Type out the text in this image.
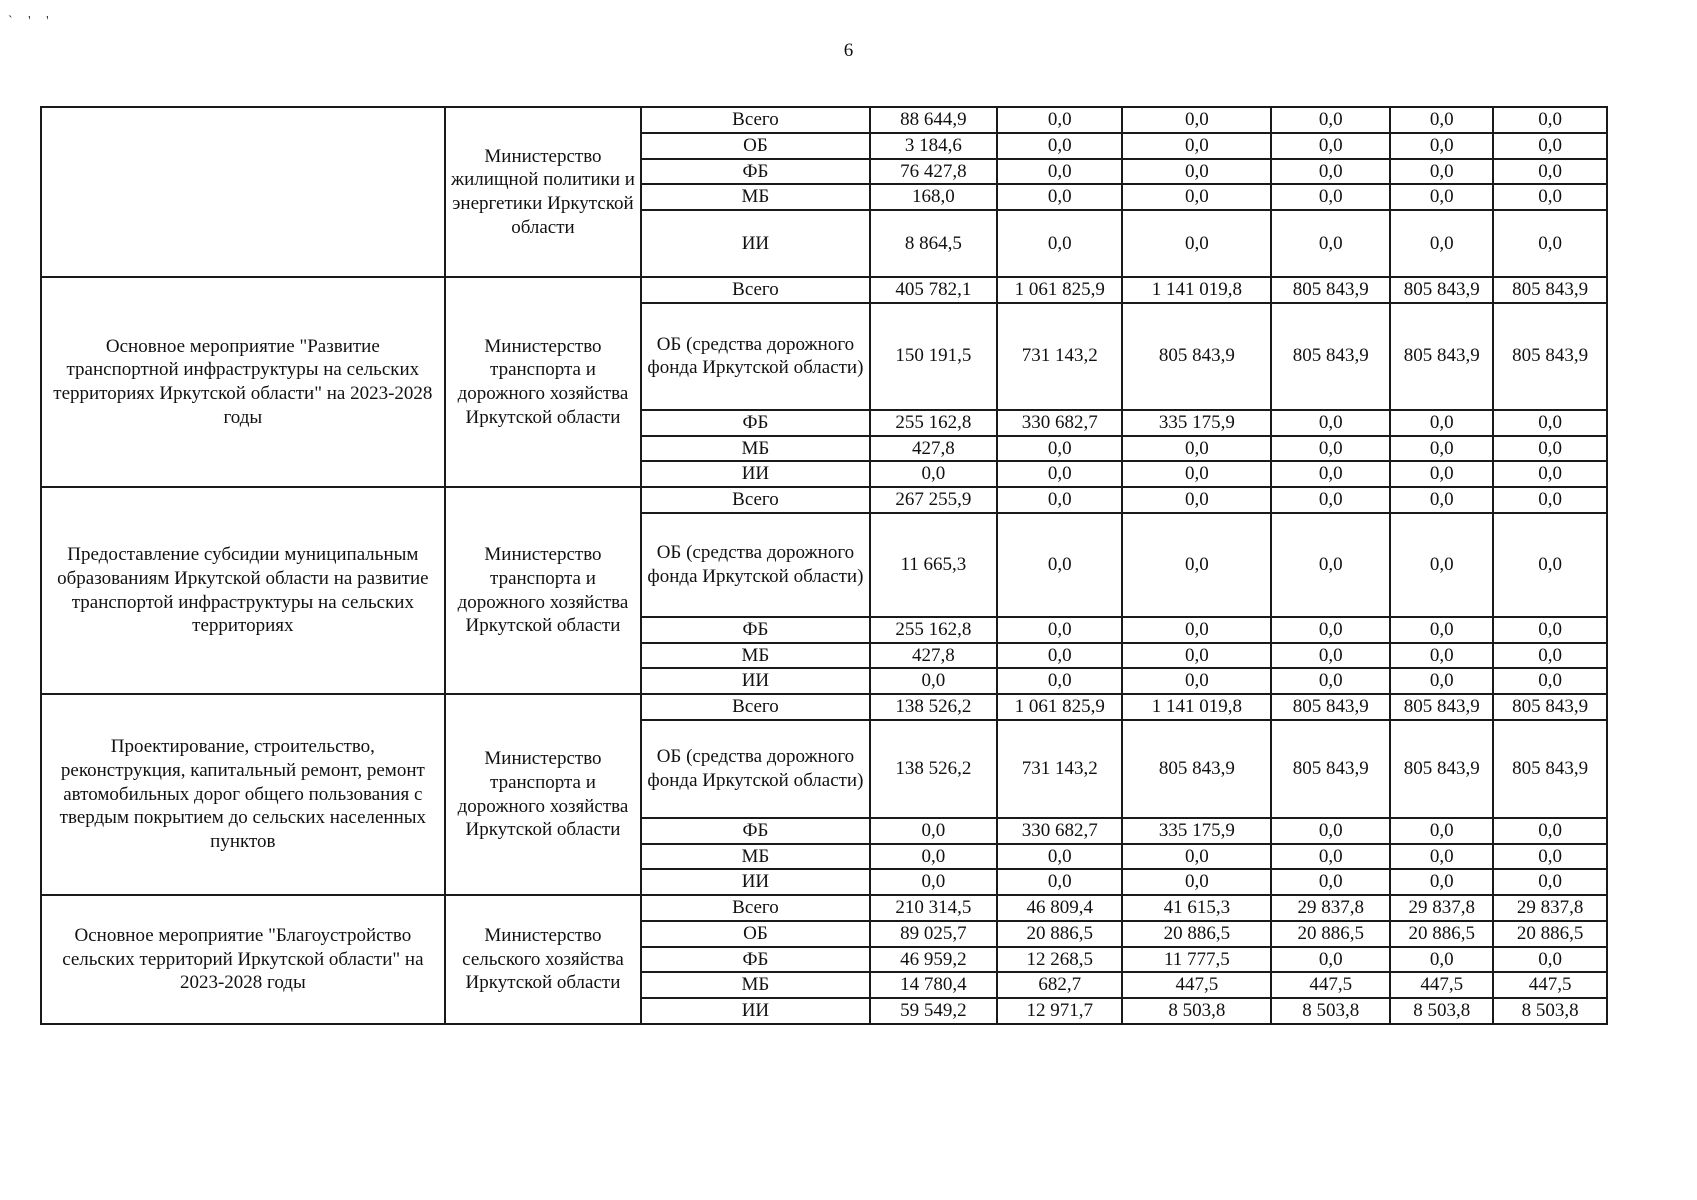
` ' '
6
	Министерство жилищной политики и энергетики Иркутской области	Всего	88 644,9	0,0	0,0	0,0	0,0	0,0
		ОБ	3 184,6	0,0	0,0	0,0	0,0	0,0
		ФБ	76 427,8	0,0	0,0	0,0	0,0	0,0
		МБ	168,0	0,0	0,0	0,0	0,0	0,0
		ИИ	8 864,5	0,0	0,0	0,0	0,0	0,0
Основное мероприятие "Развитие транспортной инфраструктуры на сельских территориях Иркутской области" на 2023-2028 годы	Министерство транспорта и дорожного хозяйства Иркутской области	Всего	405 782,1	1 061 825,9	1 141 019,8	805 843,9	805 843,9	805 843,9
		ОБ (средства дорожного фонда Иркутской области)	150 191,5	731 143,2	805 843,9	805 843,9	805 843,9	805 843,9
		ФБ	255 162,8	330 682,7	335 175,9	0,0	0,0	0,0
		МБ	427,8	0,0	0,0	0,0	0,0	0,0
		ИИ	0,0	0,0	0,0	0,0	0,0	0,0
Предоставление субсидии муниципальным образованиям Иркутской области на развитие транспортой инфраструктуры на сельских территориях	Министерство транспорта и дорожного хозяйства Иркутской области	Всего	267 255,9	0,0	0,0	0,0	0,0	0,0
		ОБ (средства дорожного фонда Иркутской области)	11 665,3	0,0	0,0	0,0	0,0	0,0
		ФБ	255 162,8	0,0	0,0	0,0	0,0	0,0
		МБ	427,8	0,0	0,0	0,0	0,0	0,0
		ИИ	0,0	0,0	0,0	0,0	0,0	0,0
Проектирование, строительство, реконструкция, капитальный ремонт, ремонт автомобильных дорог общего пользования с твердым покрытием до сельских населенных пунктов	Министерство транспорта и дорожного хозяйства Иркутской области	Всего	138 526,2	1 061 825,9	1 141 019,8	805 843,9	805 843,9	805 843,9
		ОБ (средства дорожного фонда Иркутской области)	138 526,2	731 143,2	805 843,9	805 843,9	805 843,9	805 843,9
		ФБ	0,0	330 682,7	335 175,9	0,0	0,0	0,0
		МБ	0,0	0,0	0,0	0,0	0,0	0,0
		ИИ	0,0	0,0	0,0	0,0	0,0	0,0
Основное мероприятие "Благоустройство сельских территорий Иркутской области" на 2023-2028 годы	Министерство сельского хозяйства Иркутской области	Всего	210 314,5	46 809,4	41 615,3	29 837,8	29 837,8	29 837,8
		ОБ	89 025,7	20 886,5	20 886,5	20 886,5	20 886,5	20 886,5
		ФБ	46 959,2	12 268,5	11 777,5	0,0	0,0	0,0
		МБ	14 780,4	682,7	447,5	447,5	447,5	447,5
		ИИ	59 549,2	12 971,7	8 503,8	8 503,8	8 503,8	8 503,8
